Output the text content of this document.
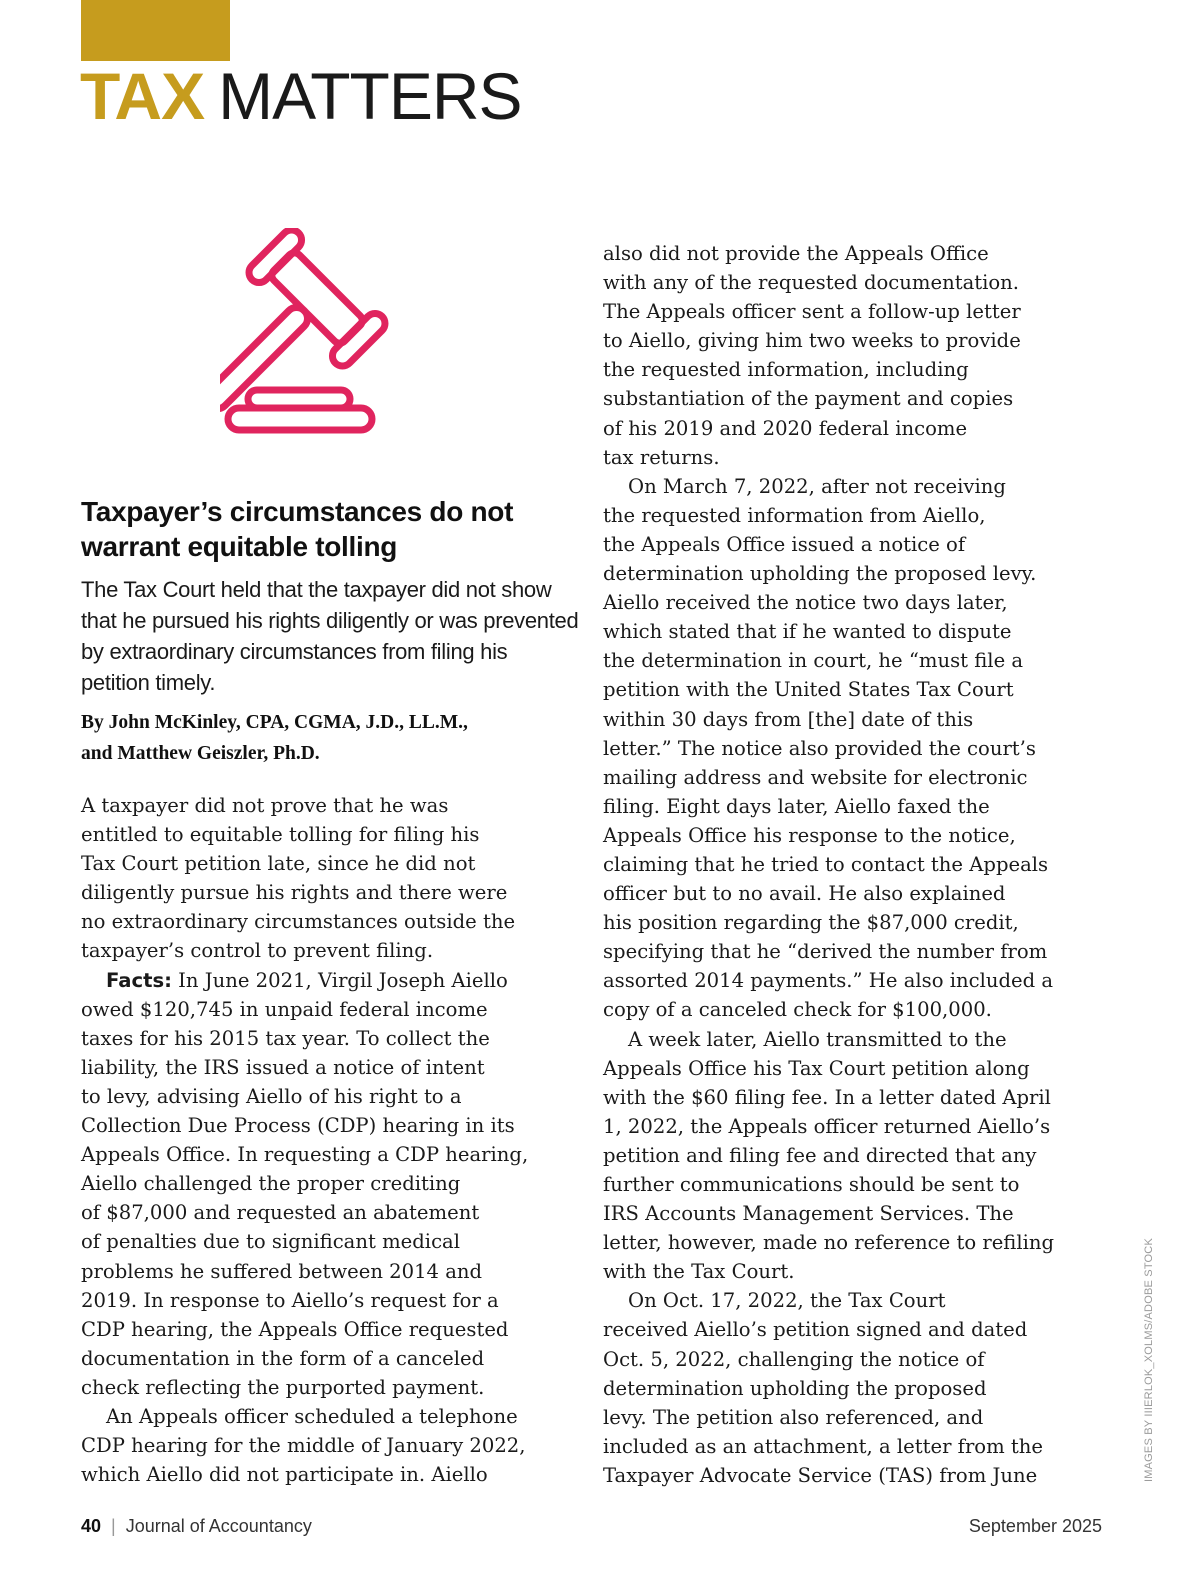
TAX MATTERS
Taxpayer’s circumstances do not warrant equitable tolling
The Tax Court held that the taxpayer did not show that he pursued his rights diligently or was prevented by extraordinary circumstances from filing his petition timely.
By John McKinley, CPA, CGMA, J.D., LL.M.,
and Matthew Geiszler, Ph.D.
A taxpayer did not prove that he was
entitled to equitable tolling for filing his
Tax Court petition late, since he did not
diligently pursue his rights and there were
no extraordinary circumstances outside the
taxpayer’s control to prevent filing.
Facts: In June 2021, Virgil Joseph Aiello
owed $120,745 in unpaid federal income
taxes for his 2015 tax year. To collect the
liability, the IRS issued a notice of intent
to levy, advising Aiello of his right to a
Collection Due Process (CDP) hearing in its
Appeals Office. In requesting a CDP hearing,
Aiello challenged the proper crediting
of $87,000 and requested an abatement
of penalties due to significant medical
problems he suffered between 2014 and
2019. In response to Aiello’s request for a
CDP hearing, the Appeals Office requested
documentation in the form of a canceled
check reflecting the purported payment.
An Appeals officer scheduled a telephone
CDP hearing for the middle of January 2022,
which Aiello did not participate in. Aiello
also did not provide the Appeals Office
with any of the requested documentation.
The Appeals officer sent a follow-up letter
to Aiello, giving him two weeks to provide
the requested information, including
substantiation of the payment and copies
of his 2019 and 2020 federal income
tax returns.
On March 7, 2022, after not receiving
the requested information from Aiello,
the Appeals Office issued a notice of
determination upholding the proposed levy.
Aiello received the notice two days later,
which stated that if he wanted to dispute
the determination in court, he “must file a
petition with the United States Tax Court
within 30 days from [the] date of this
letter.” The notice also provided the court’s
mailing address and website for electronic
filing. Eight days later, Aiello faxed the
Appeals Office his response to the notice,
claiming that he tried to contact the Appeals
officer but to no avail. He also explained
his position regarding the $87,000 credit,
specifying that he “derived the number from
assorted 2014 payments.” He also included a
copy of a canceled check for $100,000.
A week later, Aiello transmitted to the
Appeals Office his Tax Court petition along
with the $60 filing fee. In a letter dated April
1, 2022, the Appeals officer returned Aiello’s
petition and filing fee and directed that any
further communications should be sent to
IRS Accounts Management Services. The
letter, however, made no reference to refiling
with the Tax Court.
On Oct. 17, 2022, the Tax Court
received Aiello’s petition signed and dated
Oct. 5, 2022, challenging the notice of
determination upholding the proposed
levy. The petition also referenced, and
included as an attachment, a letter from the
Taxpayer Advocate Service (TAS) from June	IMAGES BY IIIERLOK_XOLMS/ADOBE STOCK
40 | Journal of Accountancy	September 2025
